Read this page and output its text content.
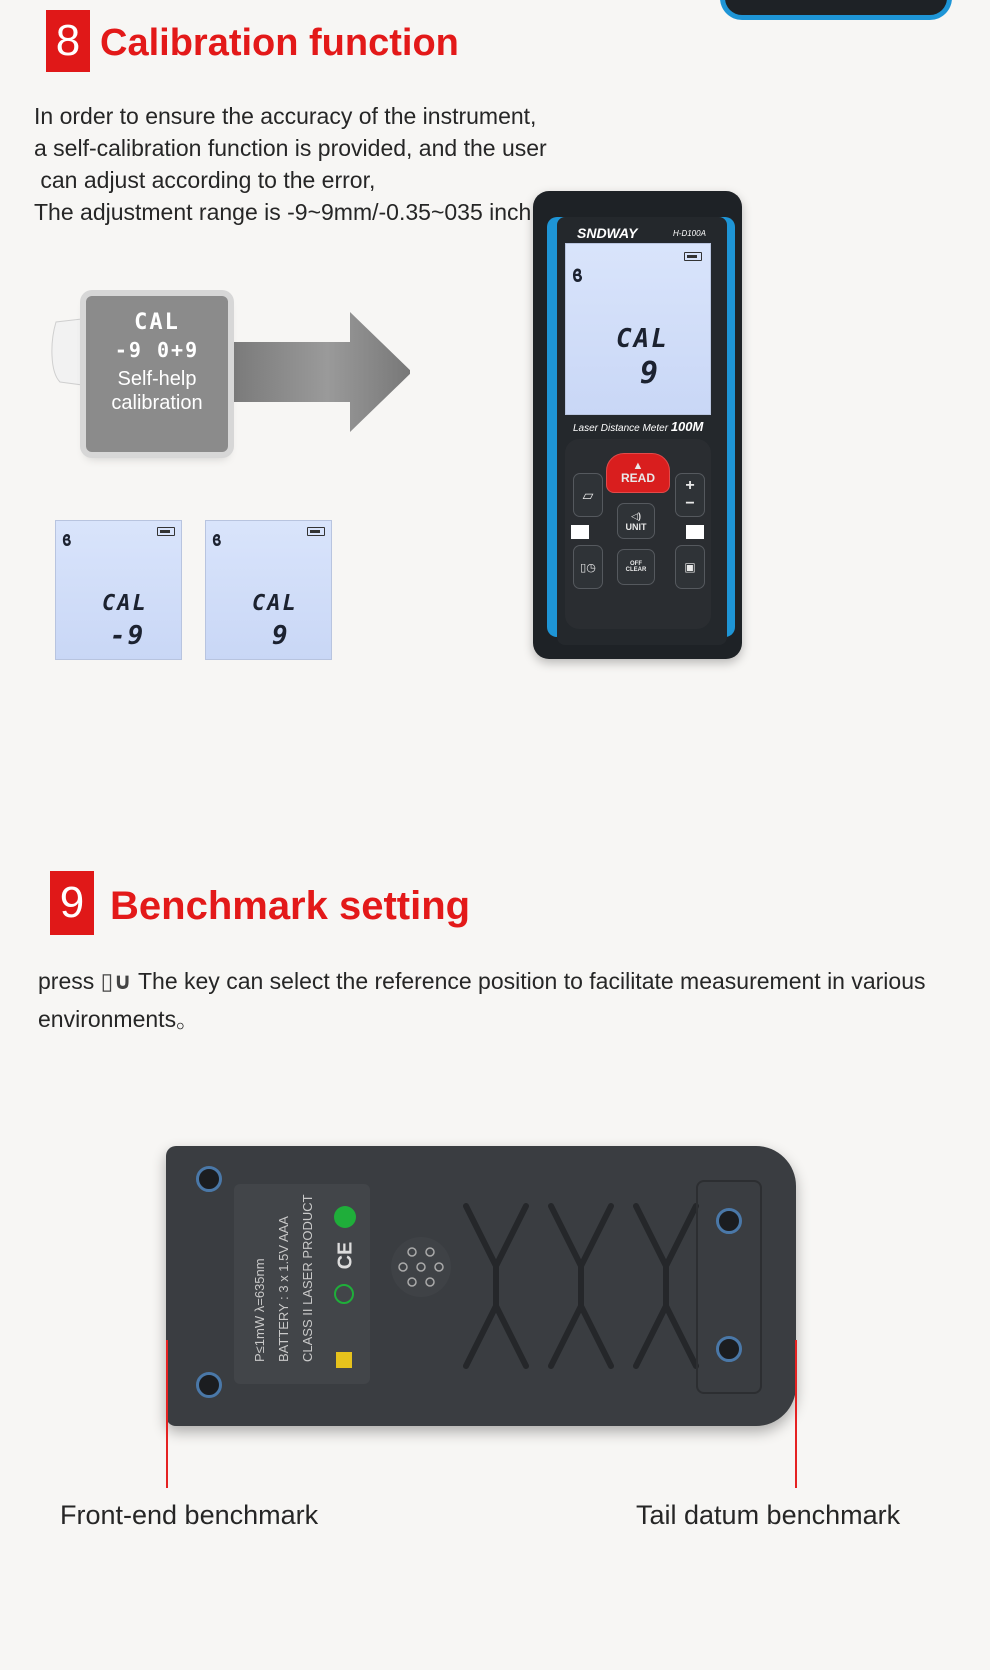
8 Calibration function

In order to ensure the accuracy of the instrument,

a self-calibration function is provided, and the user

can adjust according to the error,

The adjustment range is -9~9mm/-0.35~035 inch

CAL
-9 0+9
Self-help
calibration
ϐ
CAL
-9
ϐ
CAL
9
SNDWAY	H-D100A
ϐ
CAL
9
Laser Distance Meter 100M
▲
READ
▱
+
−
◁)
UNIT
▯◷	OFF
CLEAR	▣
9 Benchmark setting
press ▯∪ The key can select the reference position to facilitate measurement in various
environments。
P≤1mW λ=635nm BATTERY : 3 x 1.5V AAA CLASS II LASER PRODUCT CE
Front-end benchmark	Tail datum benchmark
